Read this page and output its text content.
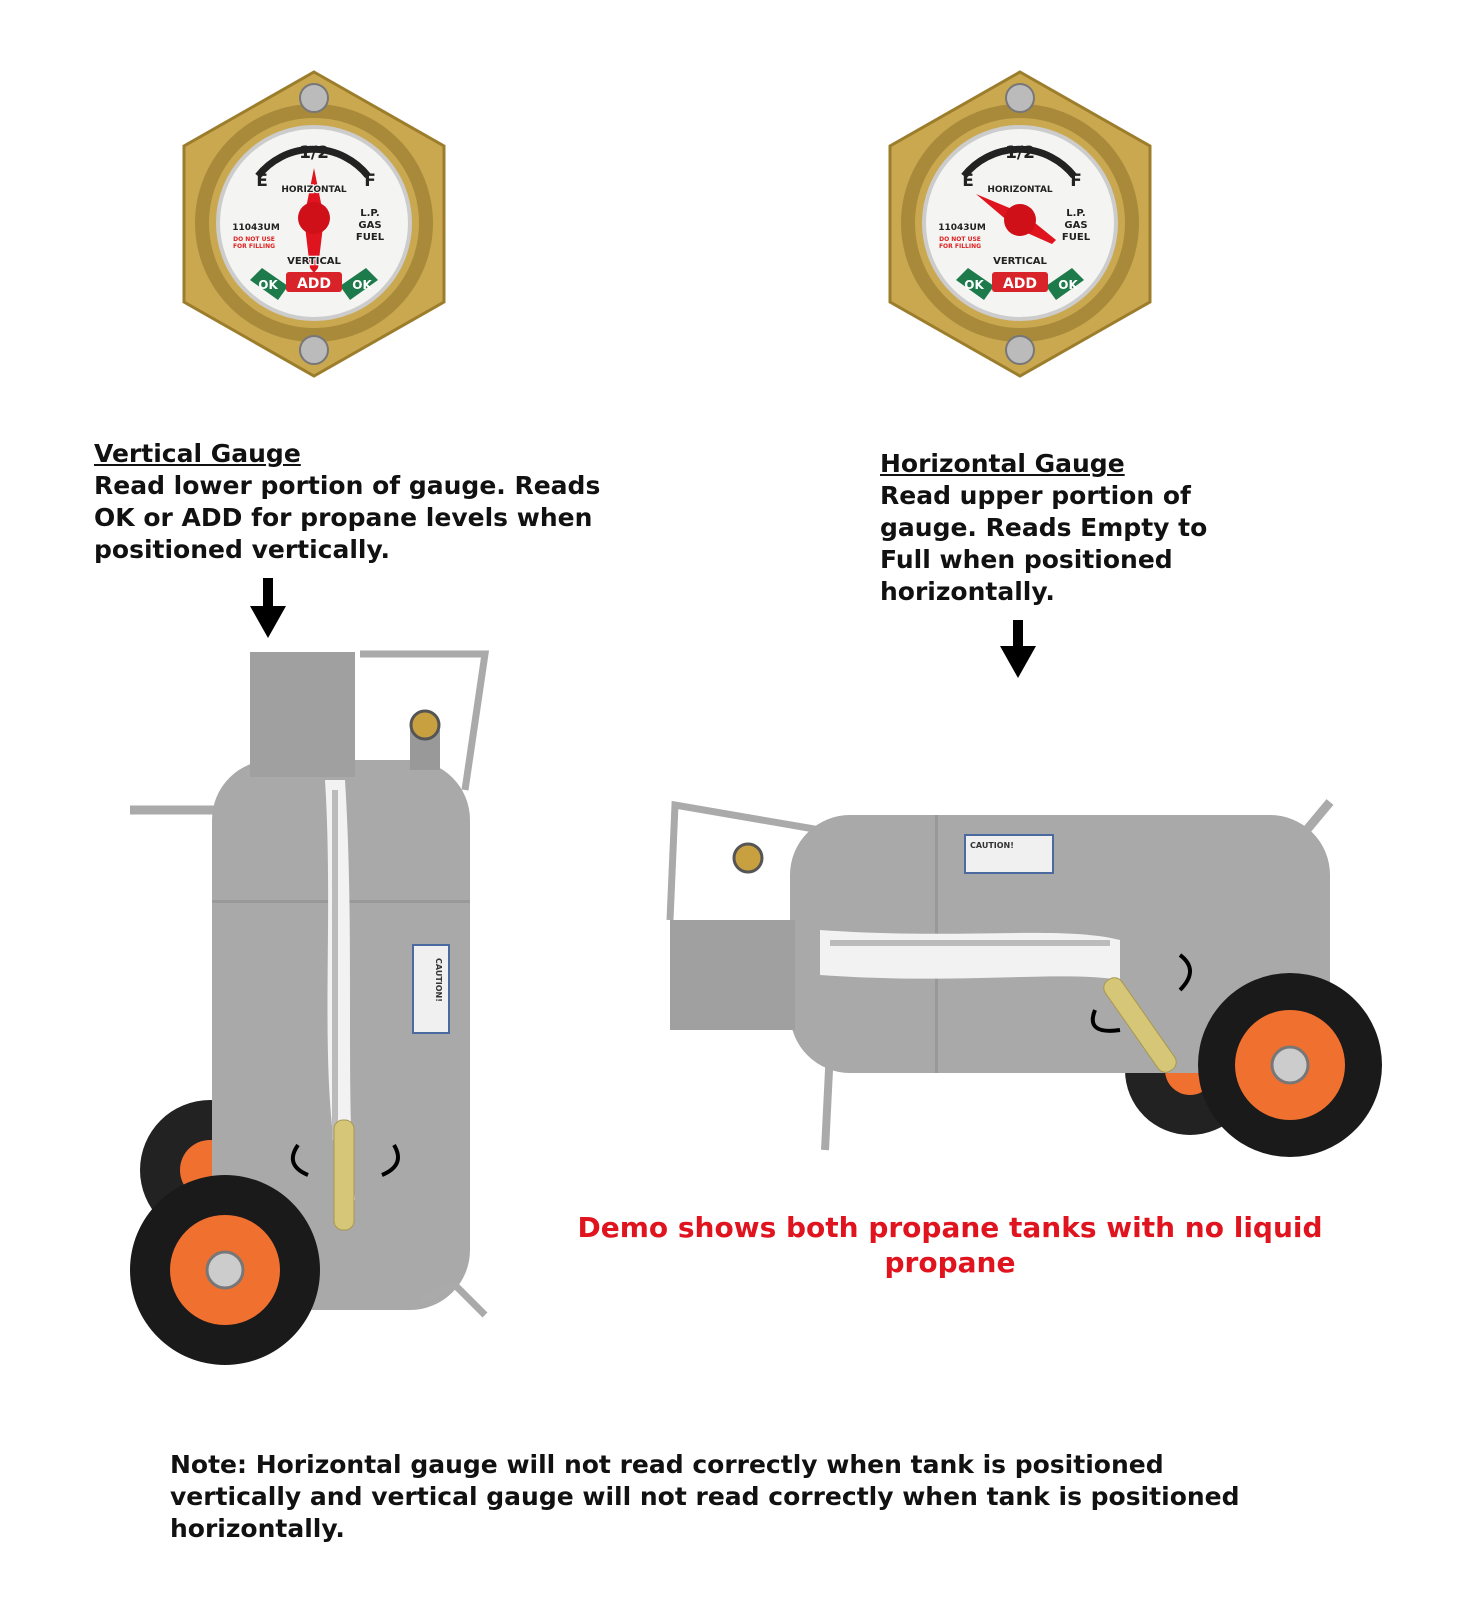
1/2
E	F
HORIZONTAL
L.P.
GAS
FUEL
11043UM
DO NOT USE
FOR FILLING
VERTICAL
OK ADD OK
1/2
E	F
HORIZONTAL
L.P.
GAS
FUEL
11043UM
DO NOT USE
FOR FILLING
VERTICAL
OK ADD OK
Vertical Gauge
Read lower portion of gauge. Reads
OK or ADD for propane levels when
positioned vertically.
Horizontal Gauge
Read upper portion of
gauge. Reads Empty to
Full when positioned
horizontally.
CAUTION!
CAUTION!
Demo shows both propane tanks with no liquid
propane
Note: Horizontal gauge will not read correctly when tank is positioned
vertically and vertical gauge will not read correctly when tank is positioned
horizontally.
